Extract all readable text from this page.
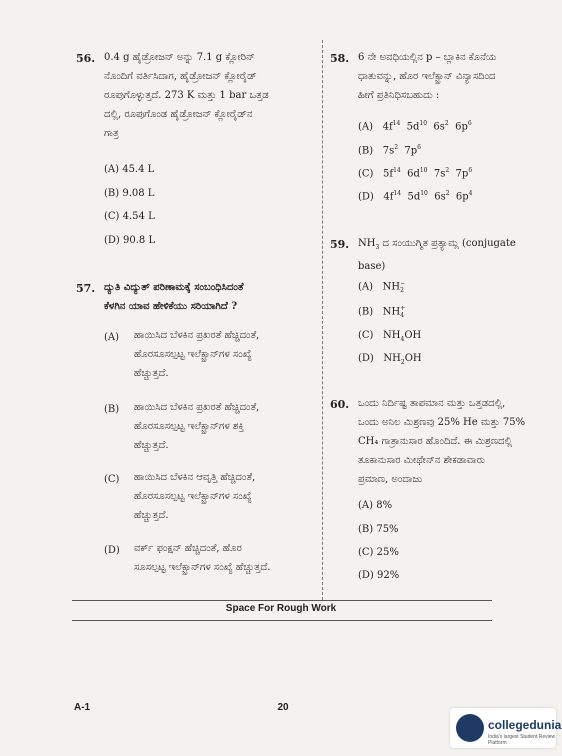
56. 0.4 g ಹೈಡ್ರೋಜನ್ ಅನ್ನು 7.1 g ಕ್ಲೋರಿನ್
ನೊಂದಿಗೆ ವರ್ತಿಸಿದಾಗ, ಹೈಡ್ರೋಜನ್ ಕ್ಲೋರೈಡ್
ರೂಪುಗೊಳ್ಳುತ್ತದೆ. 273 K ಮತ್ತು 1 bar ಒತ್ತಡ
ದಲ್ಲಿ, ರೂಪುಗೊಂಡ ಹೈಡ್ರೋಜನ್ ಕ್ಲೋರೈಡ್‌ನ
ಗಾತ್ರ
(A) 45.4 L
(B) 9.08 L
(C) 4.54 L
(D) 90.8 L
57. ದ್ಯುತಿ ವಿದ್ಯುತ್ ಪರಿಣಾಮಕ್ಕೆ ಸಂಬಂಧಿಸಿದಂತೆ
ಕೆಳಗಿನ ಯಾವ ಹೇಳಿಕೆಯು ಸರಿಯಾಗಿದೆ ?
(A) ಹಾಯಿಸಿದ ಬೆಳಕಿನ ಪ್ರಖರತೆ ಹೆಚ್ಚಿದಂತೆ,
ಹೊರಸೂಸಲ್ಪಟ್ಟ ಇಲೆಕ್ಟ್ರಾನ್‌ಗಳ ಸಂಖ್ಯೆ
ಹೆಚ್ಚುತ್ತದೆ.
(B) ಹಾಯಿಸಿದ ಬೆಳಕಿನ ಪ್ರಖರತೆ ಹೆಚ್ಚಿದಂತೆ,
ಹೊರಸೂಸಲ್ಪಟ್ಟ ಇಲೆಕ್ಟ್ರಾನ್‌ಗಳ ಶಕ್ತಿ
ಹೆಚ್ಚುತ್ತದೆ.
(C) ಹಾಯಿಸಿದ ಬೆಳಕಿನ ಆವೃತ್ತಿ ಹೆಚ್ಚಿದಂತೆ,
ಹೊರಸೂಸಲ್ಪಟ್ಟ ಇಲೆಕ್ಟ್ರಾನ್‌ಗಳ ಸಂಖ್ಯೆ
ಹೆಚ್ಚುತ್ತದೆ.
(D) ವರ್ಕ್ ಫಂಕ್ಷನ್ ಹೆಚ್ಚಿದಂತೆ, ಹೊರ
ಸೂಸಲ್ಪಟ್ಟ ಇಲೆಕ್ಟ್ರಾನ್‌ಗಳ ಸಂಖ್ಯೆ ಹೆಚ್ಚುತ್ತದೆ.
58. 6 ನೇ ಅವಧಿಯಲ್ಲಿನ p – ಬ್ಲಾಕಿನ ಕೊನೆಯ
ಧಾತುವನ್ನು, ಹೊರ ಇಲೆಕ್ಟ್ರಾನ್ ವಿನ್ಯಾಸದಿಂದ
ಹೀಗೆ ಪ್ರತಿನಿಧಿಸಬಹುದು :
(A) $4f^{14}$ $5d^{10}$ $6s^2$ $6p^6$
(B) $7s^2$ $7p^6$
(C) $5f^{14}$ $6d^{10}$ $7s^2$ $7p^6$
(D) $4f^{14}$ $5d^{10}$ $6s^2$ $6p^4$
59. $NH_3$ ದ ಸಂಯುಗ್ಮಿತ ಪ್ರತ್ಯಾಮ್ಲ (conjugate
base)
(A) NH −
2
(B) NH +
4
(C) $NH_4OH$
(D) $NH_2OH$
60. ಒಂದು ನಿರ್ದಿಷ್ಟ ತಾಪಮಾನ ಮತ್ತು ಒತ್ತಡದಲ್ಲಿ,
ಒಂದು ಅನಿಲ ಮಿಶ್ರಣವು 25% He ಮತ್ತು 75%
CH₄ ಗಾತ್ರಾನುಸಾರ ಹೊಂದಿದೆ. ಈ ಮಿಶ್ರಣದಲ್ಲಿ
ತೂಕಾನುಸಾರ ಮೀಥೇನ್‌ನ ಶೇಕಡಾವಾರು
ಪ್ರಮಾಣ, ಅಂದಾಜು
(A) 8%
(B) 75%
(C) 25%
(D) 92%
Space For Rough Work
A-1	20
collegedunia
India's largest Student Review Platform
